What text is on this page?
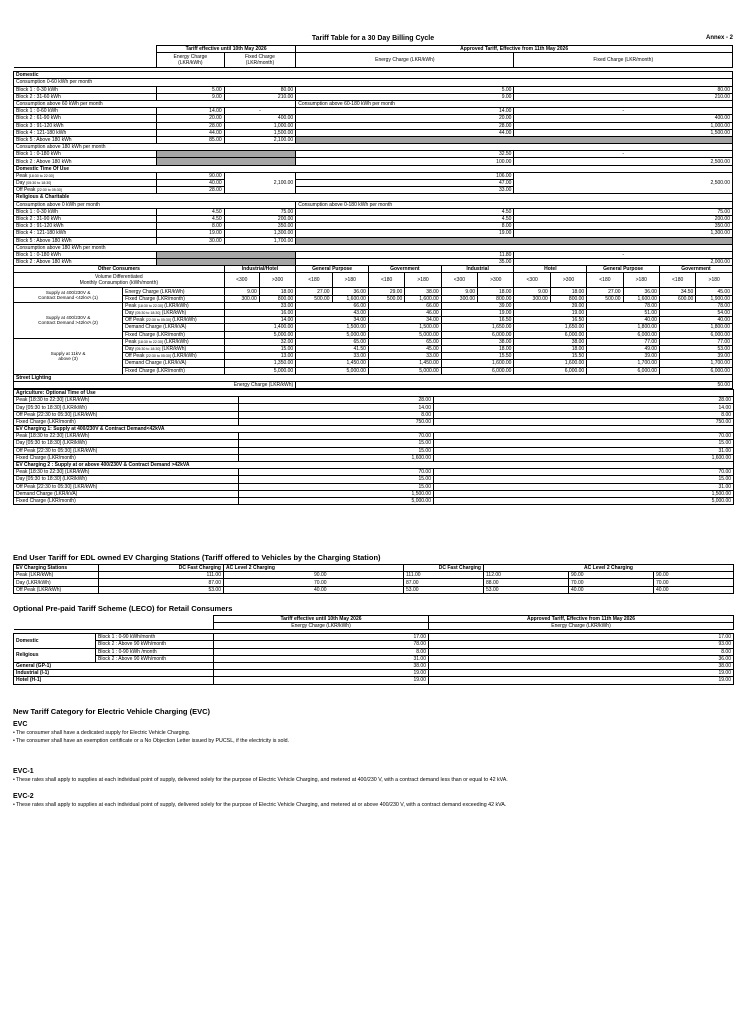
Tariff Table for a 30 Day Billing Cycle	Annex - 2
		Tariff effective until 10th May 2026			Approved Tariff, Effective from 11th May 2026											
		Energy Charge
(LKR/kWh)	Fixed Charge
(LKR/month)		Energy Charge (LKR/kWh)						Fixed Charge (LKR/month)					

Domestic																
Consumption 0-60 kWh per month																
Block 1 : 0-30 kWh		5.00	80.00		5.00						80.00					
Block 2 : 31-60 kWh		9.00	210.00		9.00						210.00					
Consumption above 60 kWh per month					Consumption above 60-180 kWh per month											
Block 1 : 0-60 kWh		14.00	-		14.00						-					
Block 2 : 61-90 kWh		20.00	400.00		20.00						400.00					
Block 3 : 91-120 kWh		28.00	1,000.00		28.00						1,000.00					
Block 4 : 121-180 kWh		44.00	1,500.00		44.00						1,500.00					
Block 5 : Above 180 kWh		85.00	2,100.00													
Consumption above 180 kWh per month																
Block 1 : 0-180 kWh					32.50						-					
Block 2 : Above 180 kWh					100.00						2,500.00					
Domestic Time Of Use																
Peak [18:30 to 22:30]		90.00	2,100.00		106.00						2,500.00					
Day [05:30 to 18:30]		40.00			47.00											
Off Peak [22:30 to 05:30]		28.00			33.00											
Religious & Charitable																
Consumption above 0 kWh per month					Consumption above 0-180 kWh per month											
Block 1 : 0-30 kWh		4.50	75.00		4.50						75.00					
Block 2 : 31-90 kWh		4.50	200.00		4.50						200.00					
Block 3 : 91-120 kWh		8.00	350.00		8.00						350.00					
Block 4 : 121-180 kWh		19.00	1,300.00		19.00						1,300.00					
Block 5 : Above 180 kWh		30.00	1,700.00													
Consumption above 180 kWh per month																
Block 1 : 0-180 kWh					11.80						-					
Block 2 : Above 180 kWh					35.00						2,000.00					
Other Consumers			Industrial/Hotel		General Purpose		Government		Industrial		Hotel		General Purpose		Government	
Volume Differentiated
Monthly Consumption (kWh/month)			<300	>300	<180	>180	<180	>180	<300	>300	<300	>300	<180	>180	<180	>180
Supply at 400/230V &
Contract Demand <42kVA (1)	Energy Charge (LKR/kWh)		9.00	18.00	27.00	36.00	29.00	38.00	9.00	18.00	9.00	18.00	27.00	36.00	34.50	45.00
	Fixed Charge (LKR/month)		300.00	800.00	500.00	1,600.00	500.00	1,600.00	300.00	800.00	300.00	800.00	500.00	1,600.00	600.00	1,900.00
Supply at 400/230V &
Contract Demand >42kVA (2)	Peak [18:30 to 22:30] (LKR/kWh)		33.00		66.00		66.00		39.00		39.00		78.00		78.00	
	Day [05:30 to 18:30] (LKR/kWh)		16.00		43.00		46.00		19.00		19.00		51.00		54.00	
	Off Peak [22:30 to 05:30] (LKR/kWh)		14.00		34.00		34.00		16.50		16.50		40.00		40.00	
	Demand Charge (LKR/kVA)		1,400.00		1,500.00		1,500.00		1,650.00		1,650.00		1,800.00		1,800.00	
	Fixed Charge (LKR/month)		5,000.00		5,000.00		5,000.00		6,000.00		6,000.00		6,000.00		6,000.00	
Supply at 11kV &
above (3)	Peak [18:30 to 22:30] (LKR/kWh)		32.00		65.00		65.00		38.00		38.00		77.00		77.00	
	Day [05:30 to 18:30] (LKR/kWh)		15.00		41.50		45.00		18.00		18.00		49.00		53.00	
	Off Peak [22:30 to 05:30] (LKR/kWh)		13.00		33.00		33.00		15.50		15.50		39.00		39.00	
	Demand Charge (LKR/kVA)		1,350.00		1,450.00		1,450.00		1,600.00		1,600.00		1,700.00		1,700.00	
	Fixed Charge (LKR/month)		5,000.00		5,000.00		5,000.00		6,000.00		6,000.00		6,000.00		6,000.00	
Street Lighting																
Energy Charge (LKR/kWh)					50.00											
Agriculture: Optional Time of Use		
Peak [18:30 to 22:30] (LKR/kWh)	28.00	28.00
Day [05:30 to 18:30] (LKR/kWh)	14.00	14.00
Off Peak [22:30 to 05:30] (LKR/kWh)	8.00	8.00
Fixed Charge (LKR/month)	750.00	750.00
EV Charging 1: Supply at 400/230V & Contract Demand<42kVA		
Peak [18:30 to 22:30] (LKR/kWh)	70.00	70.00
Day [05:30 to 18:30] (LKR/kWh)	15.00	15.00
Off Peak [22:30 to 05:30] (LKR/kWh)	15.00	31.00
Fixed Charge (LKR/month)	1,600.00	1,600.00
EV Charging 2 : Supply at or above 400/230V & Contract Demand >42kVA		
Peak [18:30 to 22:30] (LKR/kWh)	70.00	70.00
Day [05:30 to 18:30] (LKR/kWh)	15.00	15.00
Off Peak [22:30 to 05:30] (LKR/kWh)	15.00	31.00
Demand Charge (LKR/kVA)	1,500.00	1,500.00
Fixed Charge (LKR/month)	5,000.00	5,000.00
End User Tariff for EDL owned EV Charging Stations (Tariff offered to Vehicles by the Charging Station)
EV Charging Stations	DC Fast Charging	AC Level 2 Charging	DC Fast Charging	AC Level 2 Charging		
Peak (LKR/kWh)	111.00	90.00	111.00	112.00	90.00	90.00
Day (LKR/kWh)	87.00	70.00	87.00	88.00	70.00	70.00
Off Peak (LKR/kWh)	53.00	40.00	53.00	53.00	40.00	40.00
Optional Pre-paid Tariff Scheme (LECO) for Retail Consumers
		Tariff effective until 10th May 2026	Approved Tariff, Effective from 11th May 2026
		Energy Charge (LKR/kWh)	Energy Charge (LKR/kWh)

Domestic	Block 1 : 0-90 kWh/month	17.00	17.00
	Block 2 : Above 90 kWh/month	78.00	93.00
Religious	Block 1 : 0-90 kWh /month	8.00	8.00
	Block 2 : Above 90 kWh/month	31.00	36.00
General (GP-1)		38.00	38.00
Industrial (I-1)		19.00	19.00
Hotel (H-1)		19.00	19.00
New Tariff Category for Electric Vehicle Charging (EVC)
EVC
•The consumer shall have a dedicated supply for Electric Vehicle Charging.
•The consumer shall have an exemption certificate or a No Objection Letter issued by PUCSL, if the electricity is sold.
EVC-1
•These rates shall apply to supplies at each individual point of supply, delivered solely for the purpose of Electric Vehicle Charging, and metered at 400/230 V, with a contract demand less than or equal to 42 kVA.
EVC-2
•These rates shall apply to supplies at each individual point of supply, delivered solely for the purpose of Electric Vehicle Charging, and metered at or above 400/230 V, with a contract demand exceeding 42 kVA.
